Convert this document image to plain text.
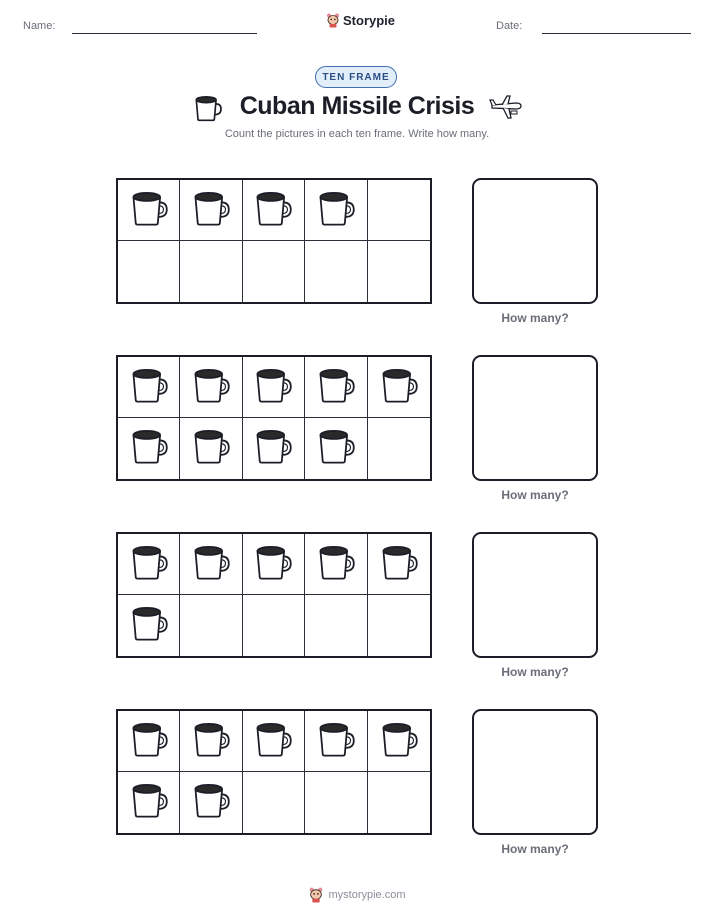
Name:	Storypie	Date:
TEN FRAME
Cuban Missile Crisis
Count the pictures in each ten frame. Write how many.
How many?
How many?
How many?
How many?
mystorypie.com
